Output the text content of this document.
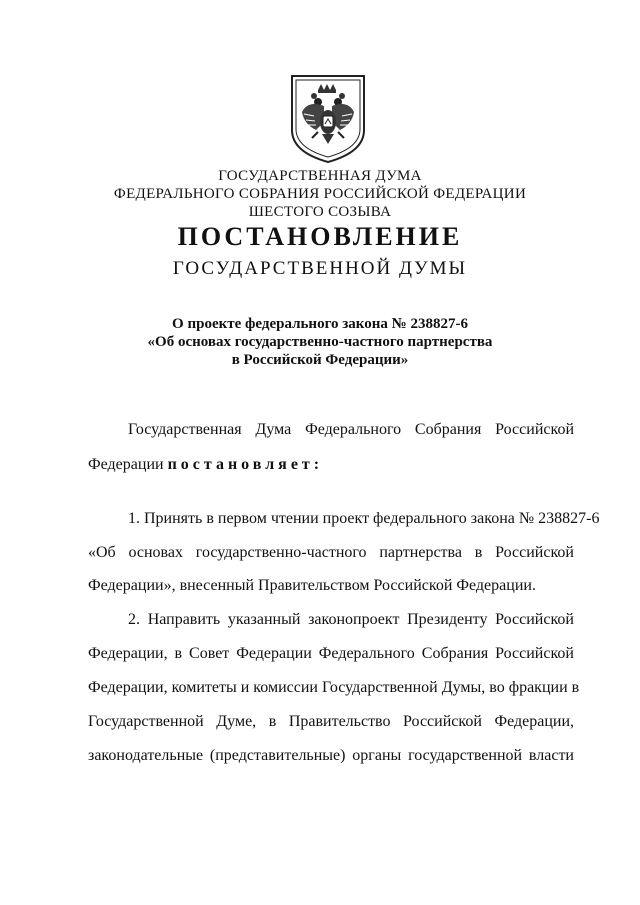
ГОСУДАРСТВЕННАЯ ДУМА
ФЕДЕРАЛЬНОГО СОБРАНИЯ РОССИЙСКОЙ ФЕДЕРАЦИИ
ШЕСТОГО СОЗЫВА
ПОСТАНОВЛЕНИЕ
ГОСУДАРСТВЕННОЙ ДУМЫ
О проекте федерального закона № 238827-6
«Об основах государственно-частного партнерства
в Российской Федерации»
Государственная Дума Федерального Собрания Российской
Федерации постановляет:
1. Принять в первом чтении проект федерального закона № 238827-6
«Об основах государственно-частного партнерства в Российской
Федерации», внесенный Правительством Российской Федерации.
2. Направить указанный законопроект Президенту Российской
Федерации, в Совет Федерации Федерального Собрания Российской
Федерации, комитеты и комиссии Государственной Думы, во фракции в
Государственной Думе, в Правительство Российской Федерации,
законодательные (представительные) органы государственной власти
